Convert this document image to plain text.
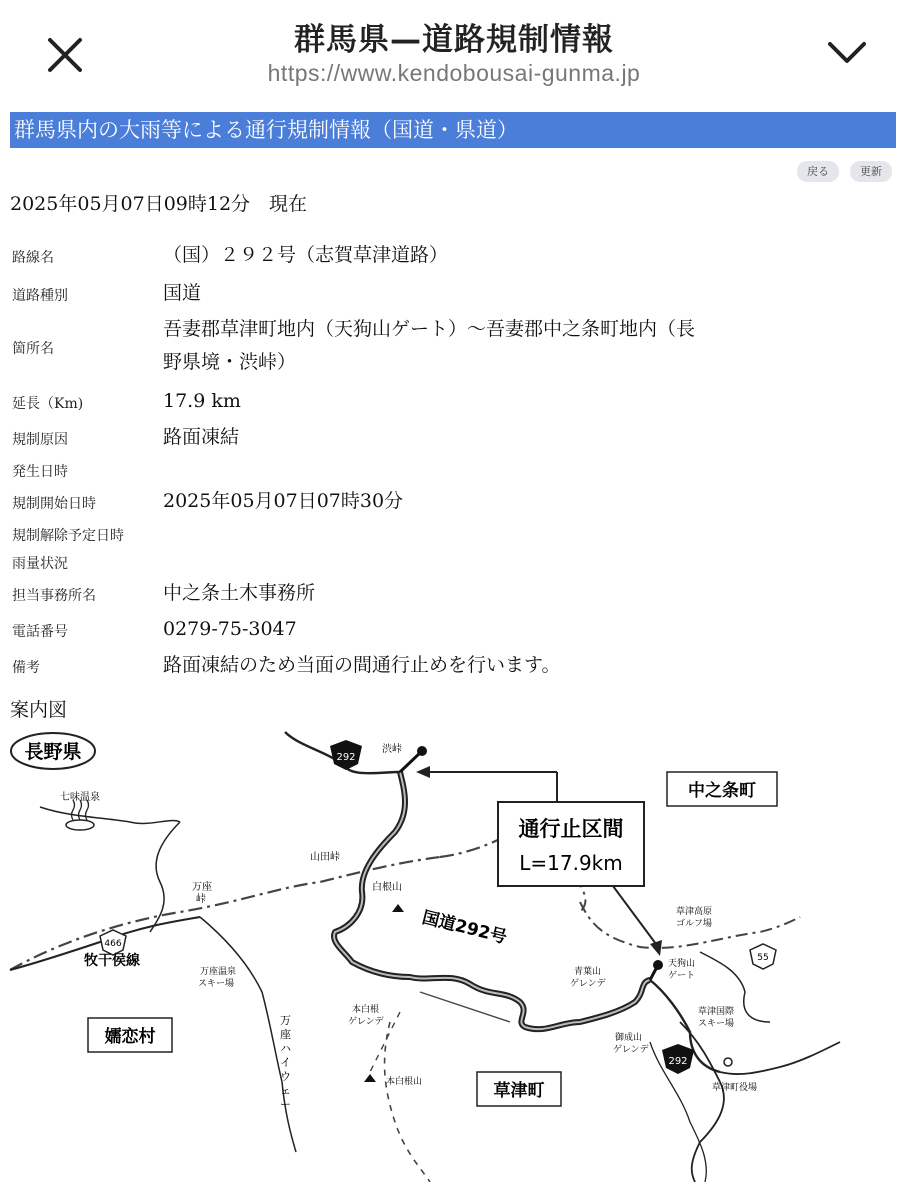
群馬県—道路規制情報
https://www.kendobousai-gunma.jp
群馬県内の大雨等による通行規制情報（国道・県道）
戻る	更新
2025年05月07日09時12分　現在
路線名	（国）２９２号（志賀草津道路）
道路種別	国道
箇所名
吾妻郡草津町地内（天狗山ゲート）～吾妻郡中之条町地内（長
野県境・渋峠）
延長（Km)	17.9 km
規制原因	路面凍結
発生日時
規制開始日時	2025年05月07日07時30分
規制解除予定日時
雨量状況
担当事務所名	中之条土木事務所
電話番号	0279-75-3047
備考	路面凍結のため当面の間通行止めを行います。
案内図
長野県	292
292
466
55
通行止区間
L=17.9km
中之条町
嬬恋村
草津町
渋峠
七味温泉
山田峠
万座
峠
白根山
国道292号	草津高原
ゴルフ場
天狗山
ゲート
青葉山
ゲレンデ
牧干侯線
万座温泉
スキー場
草津国際
スキー場
本白根
ゲレンデ
御成山
ゲレンデ
本白根山
草津町役場
万
座
ハ
イ
ウ
ェ
ー
